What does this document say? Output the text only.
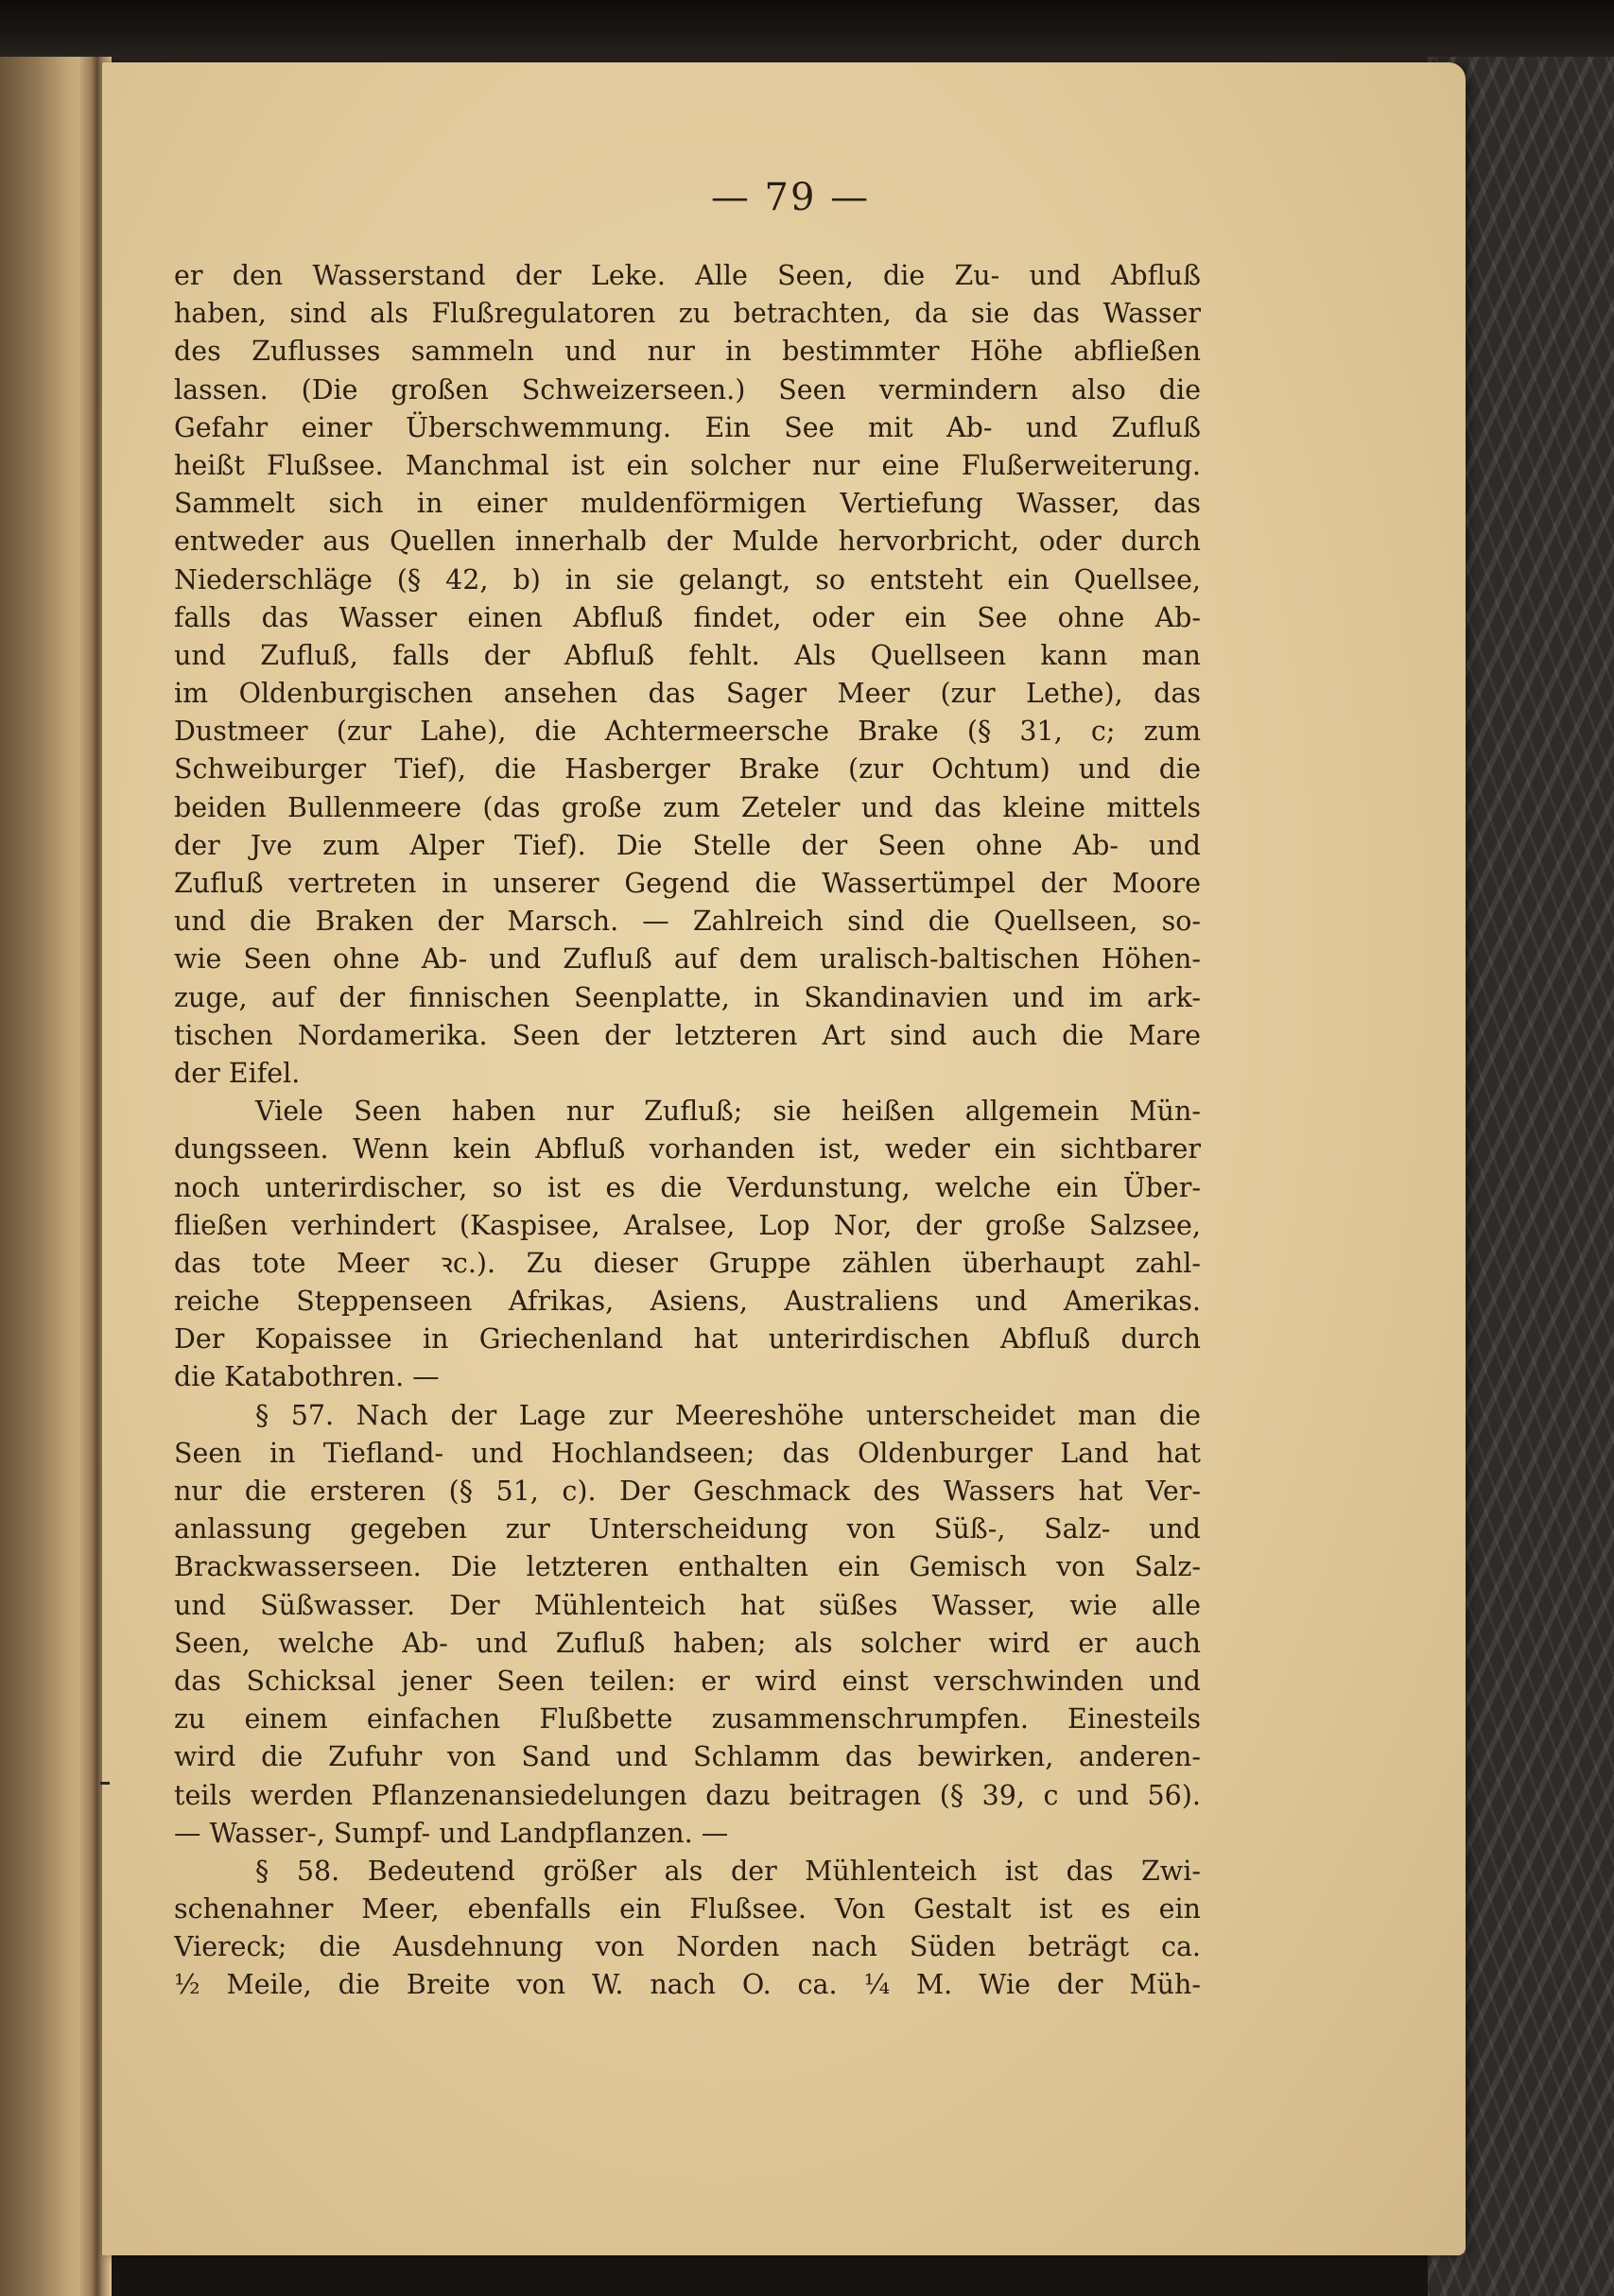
— 79 —
er den Wasserstand der Leke. Alle Seen, die Zu- und Abfluß
haben, sind als Flußregulatoren zu betrachten, da sie das Wasser
des Zuflusses sammeln und nur in bestimmter Höhe abfließen
lassen. (Die großen Schweizerseen.) Seen vermindern also die
Gefahr einer Überschwemmung. Ein See mit Ab- und Zufluß
heißt Flußsee. Manchmal ist ein solcher nur eine Flußerweiterung.
Sammelt sich in einer muldenförmigen Vertiefung Wasser, das
entweder aus Quellen innerhalb der Mulde hervorbricht, oder durch
Niederschläge (§ 42, b) in sie gelangt, so entsteht ein Quellsee,
falls das Wasser einen Abfluß findet, oder ein See ohne Ab-
und Zufluß, falls der Abfluß fehlt. Als Quellseen kann man
im Oldenburgischen ansehen das Sager Meer (zur Lethe), das
Dustmeer (zur Lahe), die Achtermeersche Brake (§ 31, c; zum
Schweiburger Tief), die Hasberger Brake (zur Ochtum) und die
beiden Bullenmeere (das große zum Zeteler und das kleine mittels
der Jve zum Alper Tief). Die Stelle der Seen ohne Ab- und
Zufluß vertreten in unserer Gegend die Wassertümpel der Moore
und die Braken der Marsch. — Zahlreich sind die Quellseen, so-
wie Seen ohne Ab- und Zufluß auf dem uralisch-baltischen Höhen-
zuge, auf der finnischen Seenplatte, in Skandinavien und im ark-
tischen Nordamerika. Seen der letzteren Art sind auch die Mare
der Eifel.
Viele Seen haben nur Zufluß; sie heißen allgemein Mün-
dungsseen. Wenn kein Abfluß vorhanden ist, weder ein sichtbarer
noch unterirdischer, so ist es die Verdunstung, welche ein Über-
fließen verhindert (Kaspisee, Aralsee, Lop Nor, der große Salzsee,
das tote Meer ꝛc.). Zu dieser Gruppe zählen überhaupt zahl-
reiche Steppenseen Afrikas, Asiens, Australiens und Amerikas.
Der Kopaissee in Griechenland hat unterirdischen Abfluß durch
die Katabothren. —
§ 57. Nach der Lage zur Meereshöhe unterscheidet man die
Seen in Tiefland- und Hochlandseen; das Oldenburger Land hat
nur die ersteren (§ 51, c). Der Geschmack des Wassers hat Ver-
anlassung gegeben zur Unterscheidung von Süß-, Salz- und
Brackwasserseen. Die letzteren enthalten ein Gemisch von Salz-
und Süßwasser. Der Mühlenteich hat süßes Wasser, wie alle
Seen, welche Ab- und Zufluß haben; als solcher wird er auch
das Schicksal jener Seen teilen: er wird einst verschwinden und
zu einem einfachen Flußbette zusammenschrumpfen. Einesteils
wird die Zufuhr von Sand und Schlamm das bewirken, anderen-
teils werden Pflanzenansiedelungen dazu beitragen (§ 39, c und 56).
— Wasser-, Sumpf- und Landpflanzen. —
§ 58. Bedeutend größer als der Mühlenteich ist das Zwi-
schenahner Meer, ebenfalls ein Flußsee. Von Gestalt ist es ein
Viereck; die Ausdehnung von Norden nach Süden beträgt ca.
½ Meile, die Breite von W. nach O. ca. ¼ M. Wie der Müh-
